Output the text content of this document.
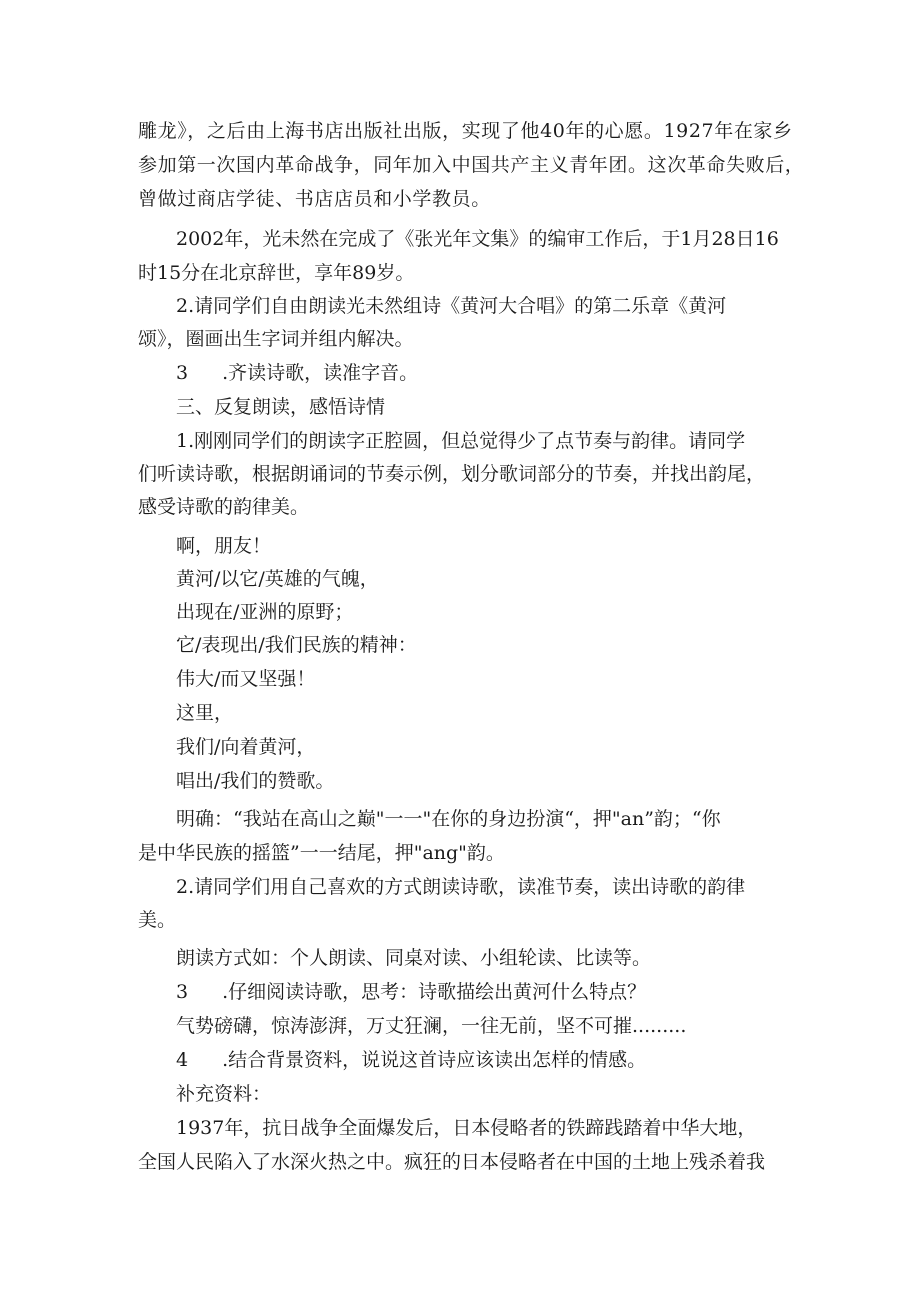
雕龙》，之后由上海书店出版社出版，实现了他40年的心愿。1927年在家乡
参加第一次国内革命战争，同年加入中国共产主义青年团。这次革命失败后，
曾做过商店学徒、书店店员和小学教员。
2002年，光未然在完成了《张光年文集》的编审工作后，于1月28日16
时15分在北京辞世，享年89岁。
2.请同学们自由朗读光未然组诗《黄河大合唱》的第二乐章《黄河
颂》，圈画出生字词并组内解决。
3 .齐读诗歌，读准字音。
三、反复朗读，感悟诗情
1.刚刚同学们的朗读字正腔圆，但总觉得少了点节奏与韵律。请同学
们听读诗歌，根据朗诵词的节奏示例，划分歌词部分的节奏，并找出韵尾，
感受诗歌的韵律美。
啊，朋友！
黄河/以它/英雄的气魄，
出现在/亚洲的原野；
它/表现出/我们民族的精神：
伟大/而又坚强！
这里，
我们/向着黄河，
唱出/我们的赞歌。
明确：“我站在高山之巅"一一"在你的身边扮演“，押"an”韵；“你
是中华民族的摇篮”一一结尾，押"ang"韵。
2.请同学们用自己喜欢的方式朗读诗歌，读准节奏，读出诗歌的韵律
美。
朗读方式如：个人朗读、同桌对读、小组轮读、比读等。
3 .仔细阅读诗歌，思考：诗歌描绘出黄河什么特点？
气势磅礴，惊涛澎湃，万丈狂澜，一往无前，坚不可摧.........
4 .结合背景资料，说说这首诗应该读出怎样的情感。
补充资料：
1937年，抗日战争全面爆发后，日本侵略者的铁蹄践踏着中华大地，
全国人民陷入了水深火热之中。疯狂的日本侵略者在中国的土地上残杀着我
